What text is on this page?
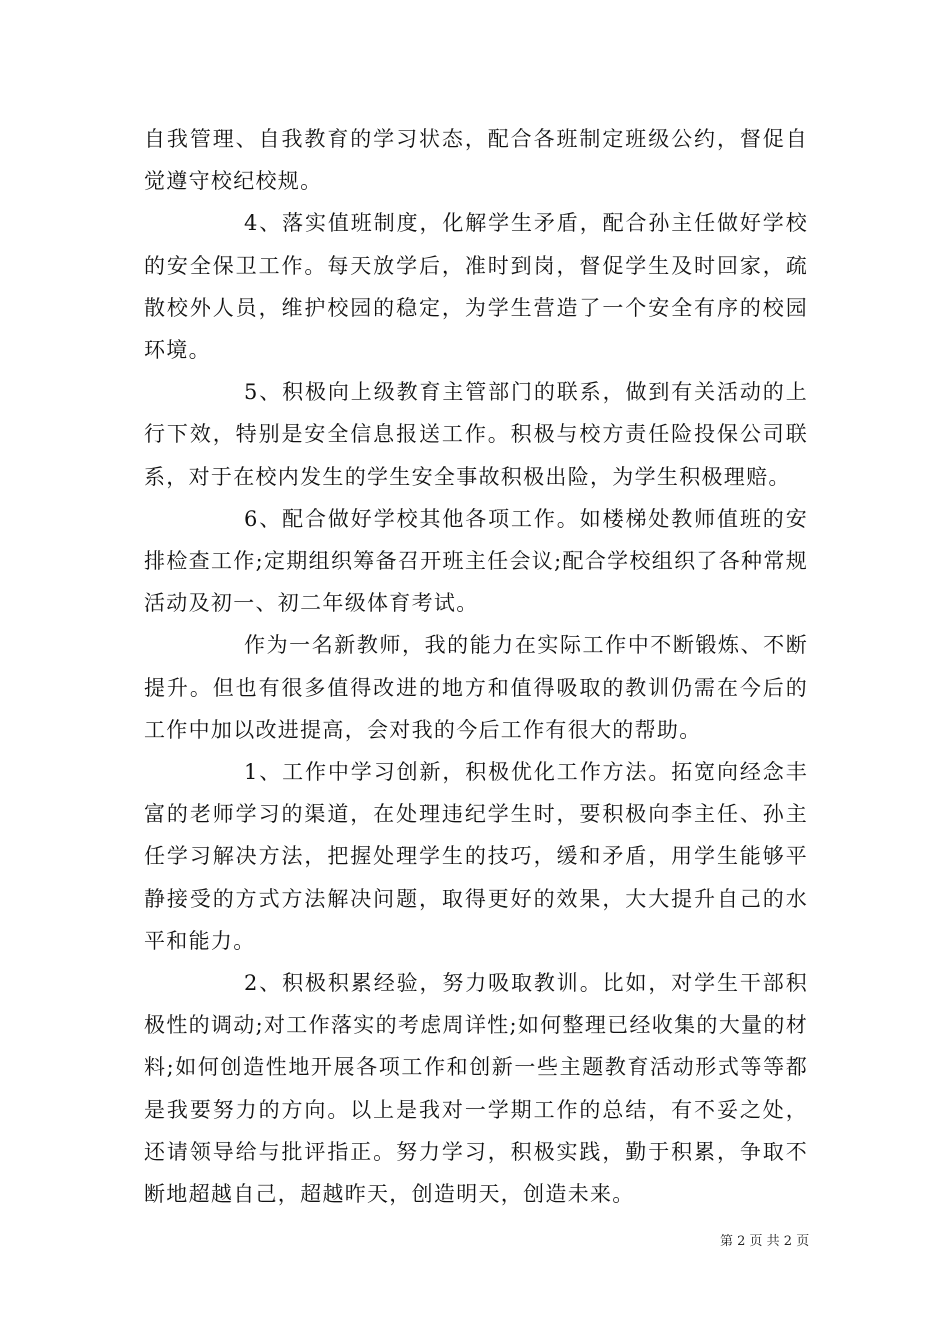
自我管理、自我教育的学习状态，配合各班制定班级公约，督促自觉遵守校纪校规。

4、落实值班制度，化解学生矛盾，配合孙主任做好学校的安全保卫工作。每天放学后，准时到岗，督促学生及时回家，疏散校外人员，维护校园的稳定，为学生营造了一个安全有序的校园环境。

5、积极向上级教育主管部门的联系，做到有关活动的上行下效，特别是安全信息报送工作。积极与校方责任险投保公司联系，对于在校内发生的学生安全事故积极出险，为学生积极理赔。

6、配合做好学校其他各项工作。如楼梯处教师值班的安排检查工作;定期组织筹备召开班主任会议;配合学校组织了各种常规活动及初一、初二年级体育考试。

作为一名新教师，我的能力在实际工作中不断锻炼、不断提升。但也有很多值得改进的地方和值得吸取的教训仍需在今后的工作中加以改进提高，会对我的今后工作有很大的帮助。

1、工作中学习创新，积极优化工作方法。拓宽向经念丰富的老师学习的渠道，在处理违纪学生时，要积极向李主任、孙主任学习解决方法，把握处理学生的技巧，缓和矛盾，用学生能够平静接受的方式方法解决问题，取得更好的效果，大大提升自己的水平和能力。

2、积极积累经验，努力吸取教训。比如，对学生干部积极性的调动;对工作落实的考虑周详性;如何整理已经收集的大量的材料;如何创造性地开展各项工作和创新一些主题教育活动形式等等都是我要努力的方向。以上是我对一学期工作的总结，有不妥之处，还请领导给与批评指正。努力学习，积极实践，勤于积累，争取不断地超越自己，超越昨天，创造明天，创造未来。

第 2 页 共 2 页
